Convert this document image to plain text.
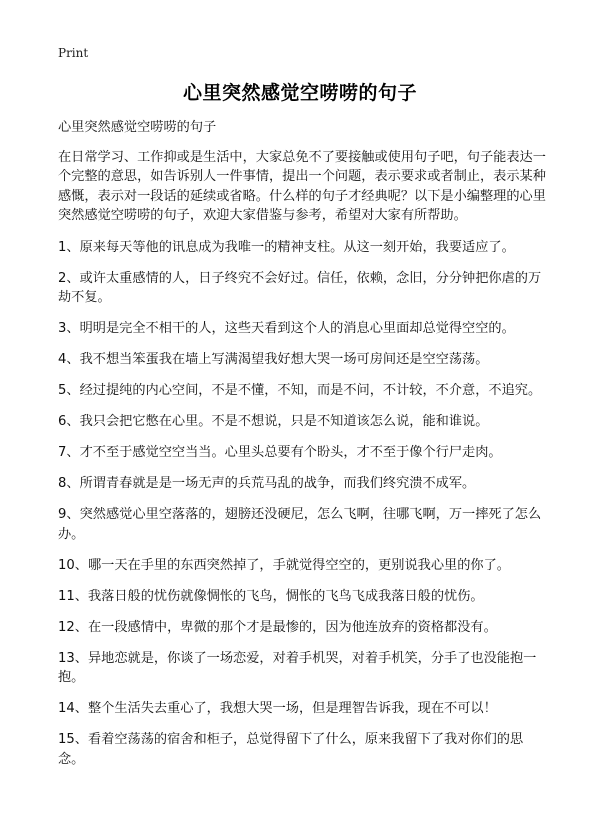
Print
心里突然感觉空唠唠的句子

心里突然感觉空唠唠的句子

在日常学习、工作抑或是生活中，大家总免不了要接触或使用句子吧，句子能表达一个完整的意思，如告诉别人一件事情，提出一个问题，表示要求或者制止，表示某种感慨，表示对一段话的延续或省略。什么样的句子才经典呢？以下是小编整理的心里突然感觉空唠唠的句子，欢迎大家借鉴与参考，希望对大家有所帮助。

1、原来每天等他的讯息成为我唯一的精神支柱。从这一刻开始，我要适应了。
2、或许太重感情的人，日子终究不会好过。信任，依赖，念旧，分分钟把你虐的万劫不复。
3、明明是完全不相干的人，这些天看到这个人的消息心里面却总觉得空空的。
4、我不想当笨蛋我在墙上写满渴望我好想大哭一场可房间还是空空荡荡。
5、经过提纯的内心空间，不是不懂，不知，而是不问，不计较，不介意，不追究。
6、我只会把它憋在心里。不是不想说，只是不知道该怎么说，能和谁说。
7、才不至于感觉空空当当。心里头总要有个盼头，才不至于像个行尸走肉。
8、所谓青春就是是一场无声的兵荒马乱的战争，而我们终究溃不成军。
9、突然感觉心里空落落的，翅膀还没硬尼，怎么飞啊，往哪飞啊，万一摔死了怎么办。
10、哪一天在手里的东西突然掉了，手就觉得空空的，更别说我心里的你了。
11、我落日般的忧伤就像惆怅的飞鸟，惆怅的飞鸟飞成我落日般的忧伤。
12、在一段感情中，卑微的那个才是最惨的，因为他连放弃的资格都没有。
13、异地恋就是，你谈了一场恋爱，对着手机哭，对着手机笑，分手了也没能抱一抱。
14、整个生活失去重心了，我想大哭一场，但是理智告诉我，现在不可以！
15、看着空荡荡的宿舍和柜子，总觉得留下了什么，原来我留下了我对你们的思念。
